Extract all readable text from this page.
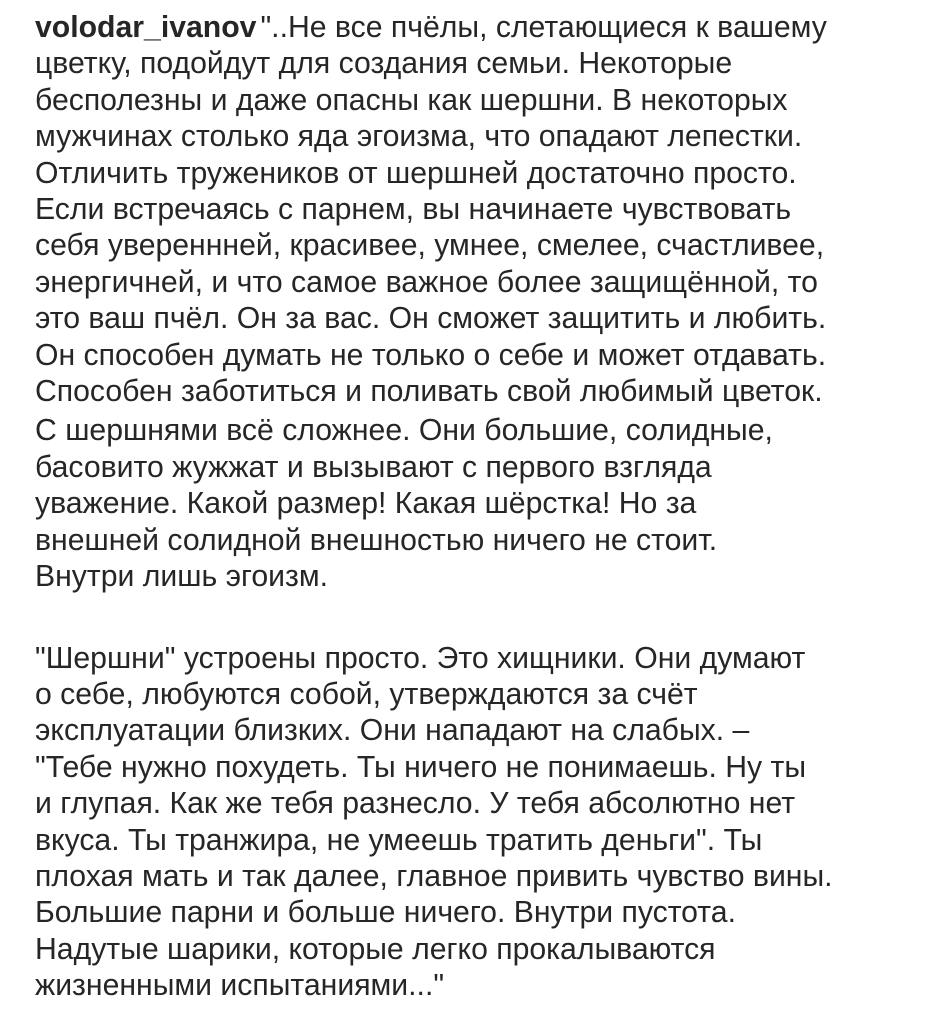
volodar_ivanov "..Не все пчёлы, слетающиеся к вашему
цветку, подойдут для создания семьи. Некоторые
бесполезны и даже опасны как шершни. В некоторых
мужчинах столько яда эгоизма, что опадают лепестки.
Отличить тружеников от шершней достаточно просто.
Если встречаясь с парнем, вы начинаете чувствовать
себя увереннней, красивее, умнее, смелее, счастливее,
энергичней, и что самое важное более защищённой, то
это ваш пчёл. Он за вас. Он сможет защитить и любить.
Он способен думать не только о себе и может отдавать.
Способен заботиться и поливать свой любимый цветок.
С шершнями всё сложнее. Они большие, солидные,
басовито жужжат и вызывают с первого взгляда
уважение. Какой размер! Какая шёрстка! Но за
внешней солидной внешностью ничего не стоит.
Внутри лишь эгоизм.
"Шершни" устроены просто. Это хищники. Они думают
о себе, любуются собой, утверждаются за счёт
эксплуатации близких. Они нападают на слабых. –
"Тебе нужно похудеть. Ты ничего не понимаешь. Ну ты
и глупая. Как же тебя разнесло. У тебя абсолютно нет
вкуса. Ты транжира, не умеешь тратить деньги". Ты
плохая мать и так далее, главное привить чувство вины.
Большие парни и больше ничего. Внутри пустота.
Надутые шарики, которые легко прокалываются
жизненными испытаниями..."
